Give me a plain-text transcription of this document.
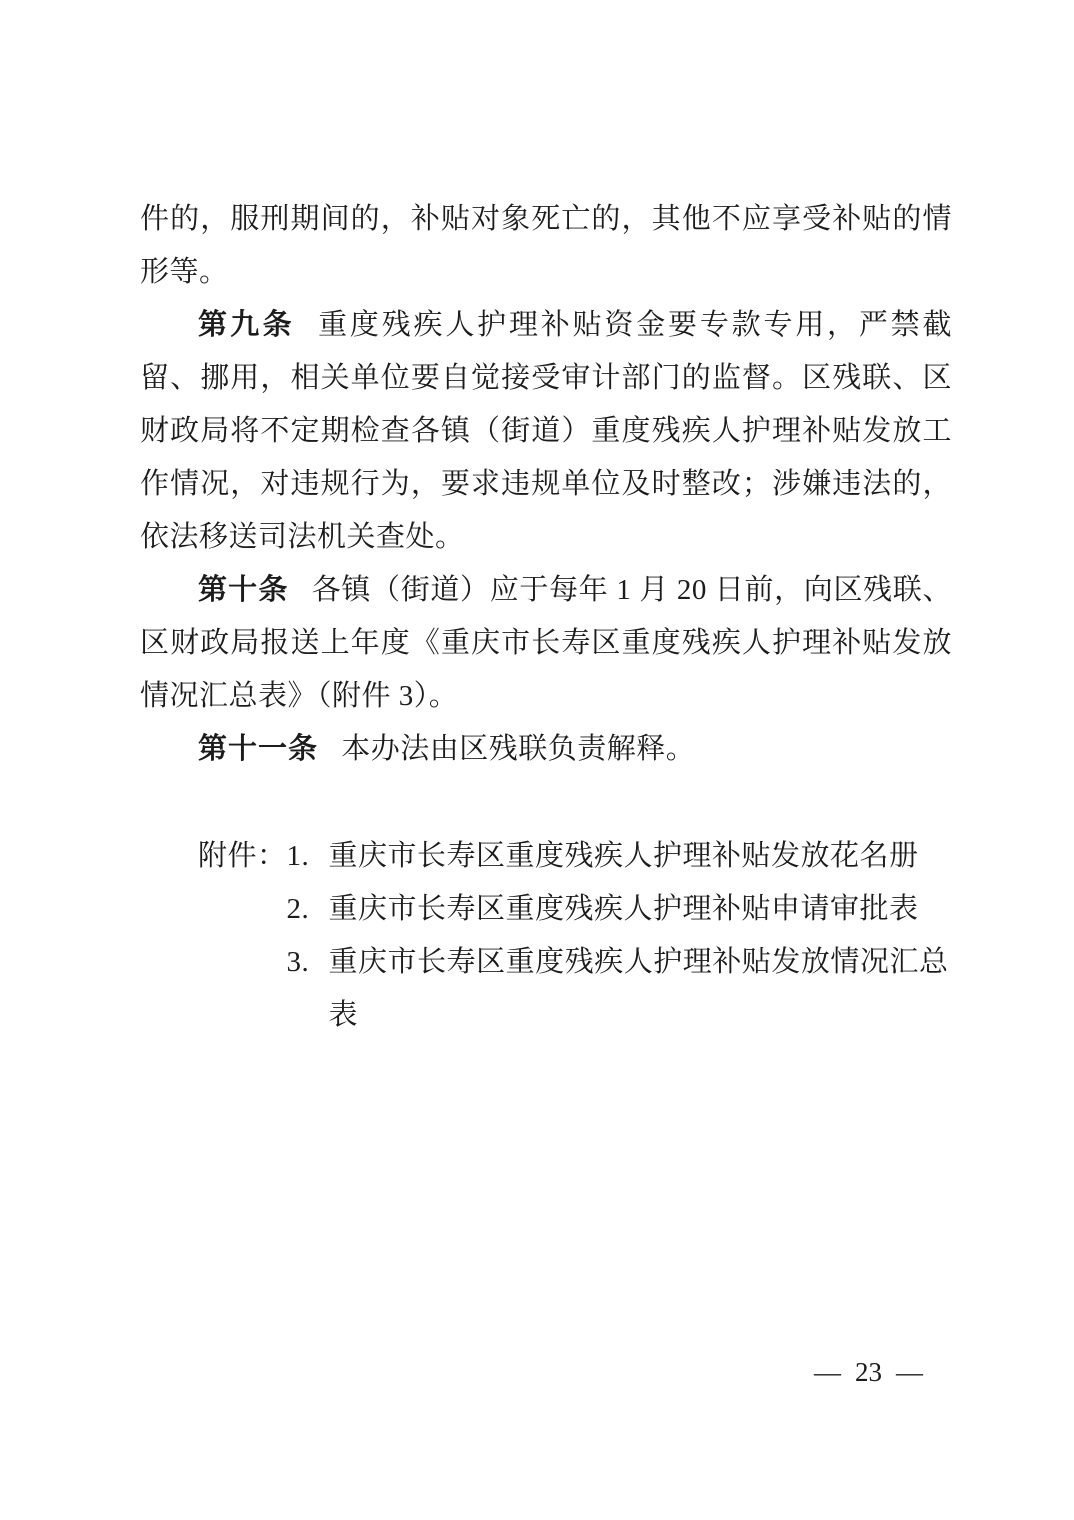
件的，服刑期间的，补贴对象死亡的，其他不应享受补贴的情形等。

第九条 重度残疾人护理补贴资金要专款专用，严禁截留、挪用，相关单位要自觉接受审计部门的监督。区残联、区财政局将不定期检查各镇（街道）重度残疾人护理补贴发放工作情况，对违规行为，要求违规单位及时整改；涉嫌违法的，依法移送司法机关查处。

第十条 各镇（街道）应于每年 1 月 20 日前，向区残联、区财政局报送上年度《重庆市长寿区重度残疾人护理补贴发放情况汇总表》（附件 3）。

第十一条 本办法由区残联负责解释。

附件： 1. 重庆市长寿区重度残疾人护理补贴发放花名册
2. 重庆市长寿区重度残疾人护理补贴申请审批表
3. 重庆市长寿区重度残疾人护理补贴发放情况汇总表
— 23 —
